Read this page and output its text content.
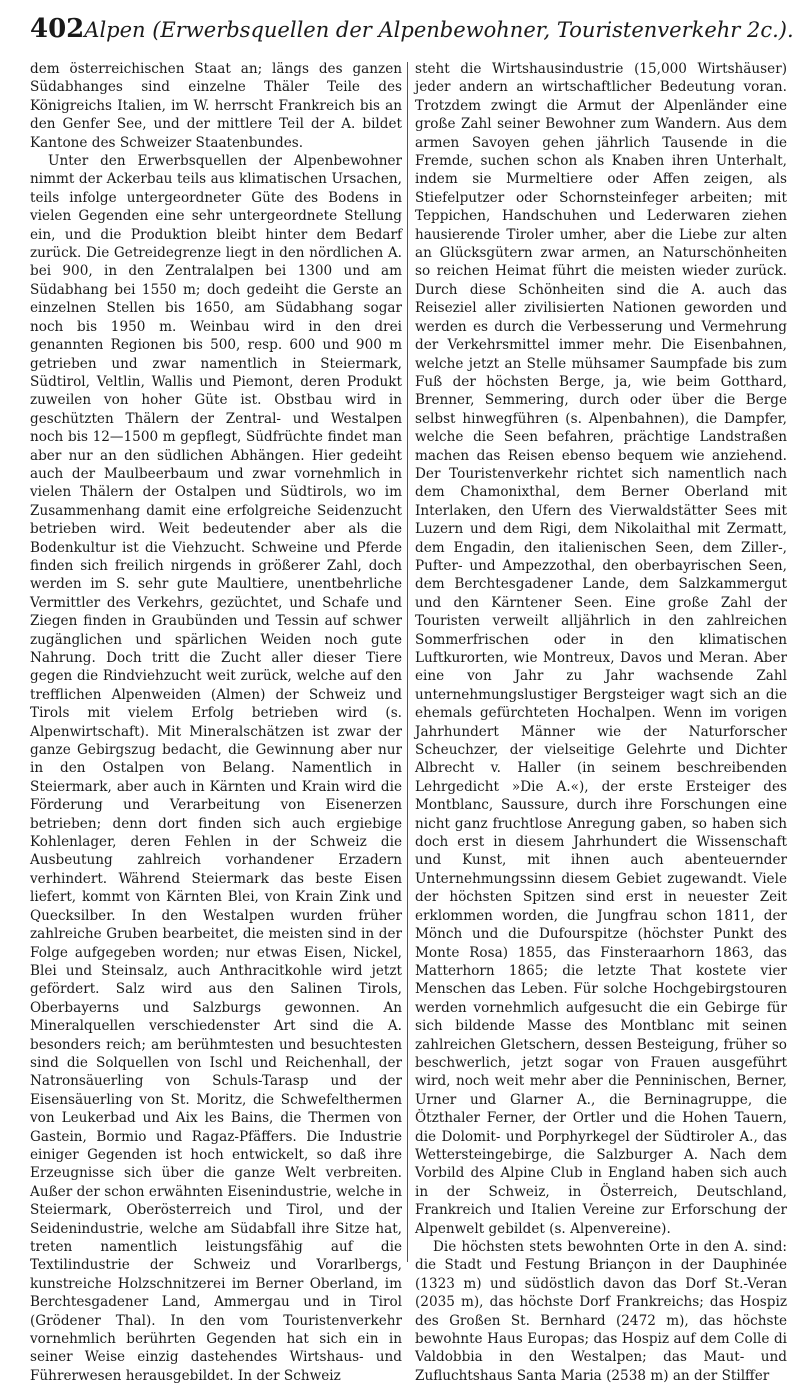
402 Alpen (Erwerbsquellen der Alpenbewohner, Touristenverkehr 2c.).

dem österreichischen Staat an; längs des ganzen Südabhanges sind einzelne Thäler Teile des Königreichs Italien, im W. herrscht Frankreich bis an den Genfer See, und der mittlere Teil der A. bildet Kantone des Schweizer Staatenbundes.

Unter den Erwerbsquellen der Alpenbewohner nimmt der Ackerbau teils aus klimatischen Ursachen, teils infolge untergeordneter Güte des Bodens in vielen Gegenden eine sehr untergeordnete Stellung ein, und die Produktion bleibt hinter dem Bedarf zurück. Die Getreidegrenze liegt in den nördlichen A. bei 900, in den Zentralalpen bei 1300 und am Südabhang bei 1550 m; doch gedeiht die Gerste an einzelnen Stellen bis 1650, am Südabhang sogar noch bis 1950 m. Weinbau wird in den drei genannten Regionen bis 500, resp. 600 und 900 m getrieben und zwar namentlich in Steiermark, Südtirol, Veltlin, Wallis und Piemont, deren Produkt zuweilen von hoher Güte ist. Obstbau wird in geschützten Thälern der Zentral- und Westalpen noch bis 12—1500 m gepflegt, Südfrüchte findet man aber nur an den südlichen Abhängen. Hier gedeiht auch der Maulbeerbaum und zwar vornehmlich in vielen Thälern der Ostalpen und Südtirols, wo im Zusammenhang damit eine erfolgreiche Seidenzucht betrieben wird. Weit bedeutender aber als die Bodenkultur ist die Viehzucht. Schweine und Pferde finden sich freilich nirgends in größerer Zahl, doch werden im S. sehr gute Maultiere, unentbehrliche Vermittler des Verkehrs, gezüchtet, und Schafe und Ziegen finden in Graubünden und Tessin auf schwer zugänglichen und spärlichen Weiden noch gute Nahrung. Doch tritt die Zucht aller dieser Tiere gegen die Rindviehzucht weit zurück, welche auf den trefflichen Alpenweiden (Almen) der Schweiz und Tirols mit vielem Erfolg betrieben wird (s. Alpenwirtschaft). Mit Mineralschätzen ist zwar der ganze Gebirgszug bedacht, die Gewinnung aber nur in den Ostalpen von Belang. Namentlich in Steiermark, aber auch in Kärnten und Krain wird die Förderung und Verarbeitung von Eisenerzen betrieben; denn dort finden sich auch ergiebige Kohlenlager, deren Fehlen in der Schweiz die Ausbeutung zahlreich vorhandener Erzadern verhindert. Während Steiermark das beste Eisen liefert, kommt von Kärnten Blei, von Krain Zink und Quecksilber. In den Westalpen wurden früher zahlreiche Gruben bearbeitet, die meisten sind in der Folge aufgegeben worden; nur etwas Eisen, Nickel, Blei und Steinsalz, auch Anthracitkohle wird jetzt gefördert. Salz wird aus den Salinen Tirols, Oberbayerns und Salzburgs gewonnen. An Mineralquellen verschiedenster Art sind die A. besonders reich; am berühmtesten und besuchtesten sind die Solquellen von Ischl und Reichenhall, der Natronsäuerling von Schuls-Tarasp und der Eisensäuerling von St. Moritz, die Schwefelthermen von Leukerbad und Aix les Bains, die Thermen von Gastein, Bormio und Ragaz-Pfäffers. Die Industrie einiger Gegenden ist hoch entwickelt, so daß ihre Erzeugnisse sich über die ganze Welt verbreiten. Außer der schon erwähnten Eisenindustrie, welche in Steiermark, Oberösterreich und Tirol, und der Seidenindustrie, welche am Südabfall ihre Sitze hat, treten namentlich leistungsfähig auf die Textilindustrie der Schweiz und Vorarlbergs, kunstreiche Holzschnitzerei im Berner Oberland, im Berchtesgadener Land, Ammergau und in Tirol (Grödener Thal). In den vom Touristenverkehr vornehmlich berührten Gegenden hat sich ein in seiner Weise einzig dastehendes Wirtshaus- und Führerwesen herausgebildet. In der Schweiz

steht die Wirtshausindustrie (15,000 Wirtshäuser) jeder andern an wirtschaftlicher Bedeutung voran. Trotzdem zwingt die Armut der Alpenländer eine große Zahl seiner Bewohner zum Wandern. Aus dem armen Savoyen gehen jährlich Tausende in die Fremde, suchen schon als Knaben ihren Unterhalt, indem sie Murmeltiere oder Affen zeigen, als Stiefelputzer oder Schornsteinfeger arbeiten; mit Teppichen, Handschuhen und Lederwaren ziehen hausierende Tiroler umher, aber die Liebe zur alten an Glücksgütern zwar armen, an Naturschönheiten so reichen Heimat führt die meisten wieder zurück. Durch diese Schönheiten sind die A. auch das Reiseziel aller zivilisierten Nationen geworden und werden es durch die Verbesserung und Vermehrung der Verkehrsmittel immer mehr. Die Eisenbahnen, welche jetzt an Stelle mühsamer Saumpfade bis zum Fuß der höchsten Berge, ja, wie beim Gotthard, Brenner, Semmering, durch oder über die Berge selbst hinwegführen (s. Alpenbahnen), die Dampfer, welche die Seen befahren, prächtige Landstraßen machen das Reisen ebenso bequem wie anziehend. Der Touristenverkehr richtet sich namentlich nach dem Chamonixthal, dem Berner Oberland mit Interlaken, den Ufern des Vierwaldstätter Sees mit Luzern und dem Rigi, dem Nikolaithal mit Zermatt, dem Engadin, den italienischen Seen, dem Ziller-, Pufter- und Ampezzothal, den oberbayrischen Seen, dem Berchtesgadener Lande, dem Salzkammergut und den Kärntener Seen. Eine große Zahl der Touristen verweilt alljährlich in den zahlreichen Sommerfrischen oder in den klimatischen Luftkurorten, wie Montreux, Davos und Meran. Aber eine von Jahr zu Jahr wachsende Zahl unternehmungslustiger Bergsteiger wagt sich an die ehemals gefürchteten Hochalpen. Wenn im vorigen Jahrhundert Männer wie der Naturforscher Scheuchzer, der vielseitige Gelehrte und Dichter Albrecht v. Haller (in seinem beschreibenden Lehrgedicht »Die A.«), der erste Ersteiger des Montblanc, Saussure, durch ihre Forschungen eine nicht ganz fruchtlose Anregung gaben, so haben sich doch erst in diesem Jahrhundert die Wissenschaft und Kunst, mit ihnen auch abenteuernder Unternehmungssinn diesem Gebiet zugewandt. Viele der höchsten Spitzen sind erst in neuester Zeit erklommen worden, die Jungfrau schon 1811, der Mönch und die Dufourspitze (höchster Punkt des Monte Rosa) 1855, das Finsteraarhorn 1863, das Matterhorn 1865; die letzte That kostete vier Menschen das Leben. Für solche Hochgebirgstouren werden vornehmlich aufgesucht die ein Gebirge für sich bildende Masse des Montblanc mit seinen zahlreichen Gletschern, dessen Besteigung, früher so beschwerlich, jetzt sogar von Frauen ausgeführt wird, noch weit mehr aber die Penninischen, Berner, Urner und Glarner A., die Berninagruppe, die Ötzthaler Ferner, der Ortler und die Hohen Tauern, die Dolomit- und Porphyrkegel der Südtiroler A., das Wettersteingebirge, die Salzburger A. Nach dem Vorbild des Alpine Club in England haben sich auch in der Schweiz, in Österreich, Deutschland, Frankreich und Italien Vereine zur Erforschung der Alpenwelt gebildet (s. Alpenvereine).

Die höchsten stets bewohnten Orte in den A. sind: die Stadt und Festung Briançon in der Dauphinée (1323 m) und südöstlich davon das Dorf St.-Veran (2035 m), das höchste Dorf Frankreichs; das Hospiz des Großen St. Bernhard (2472 m), das höchste bewohnte Haus Europas; das Hospiz auf dem Colle di Valdobbia in den Westalpen; das Maut- und Zufluchtshaus Santa Maria (2538 m) an der Stilffer
